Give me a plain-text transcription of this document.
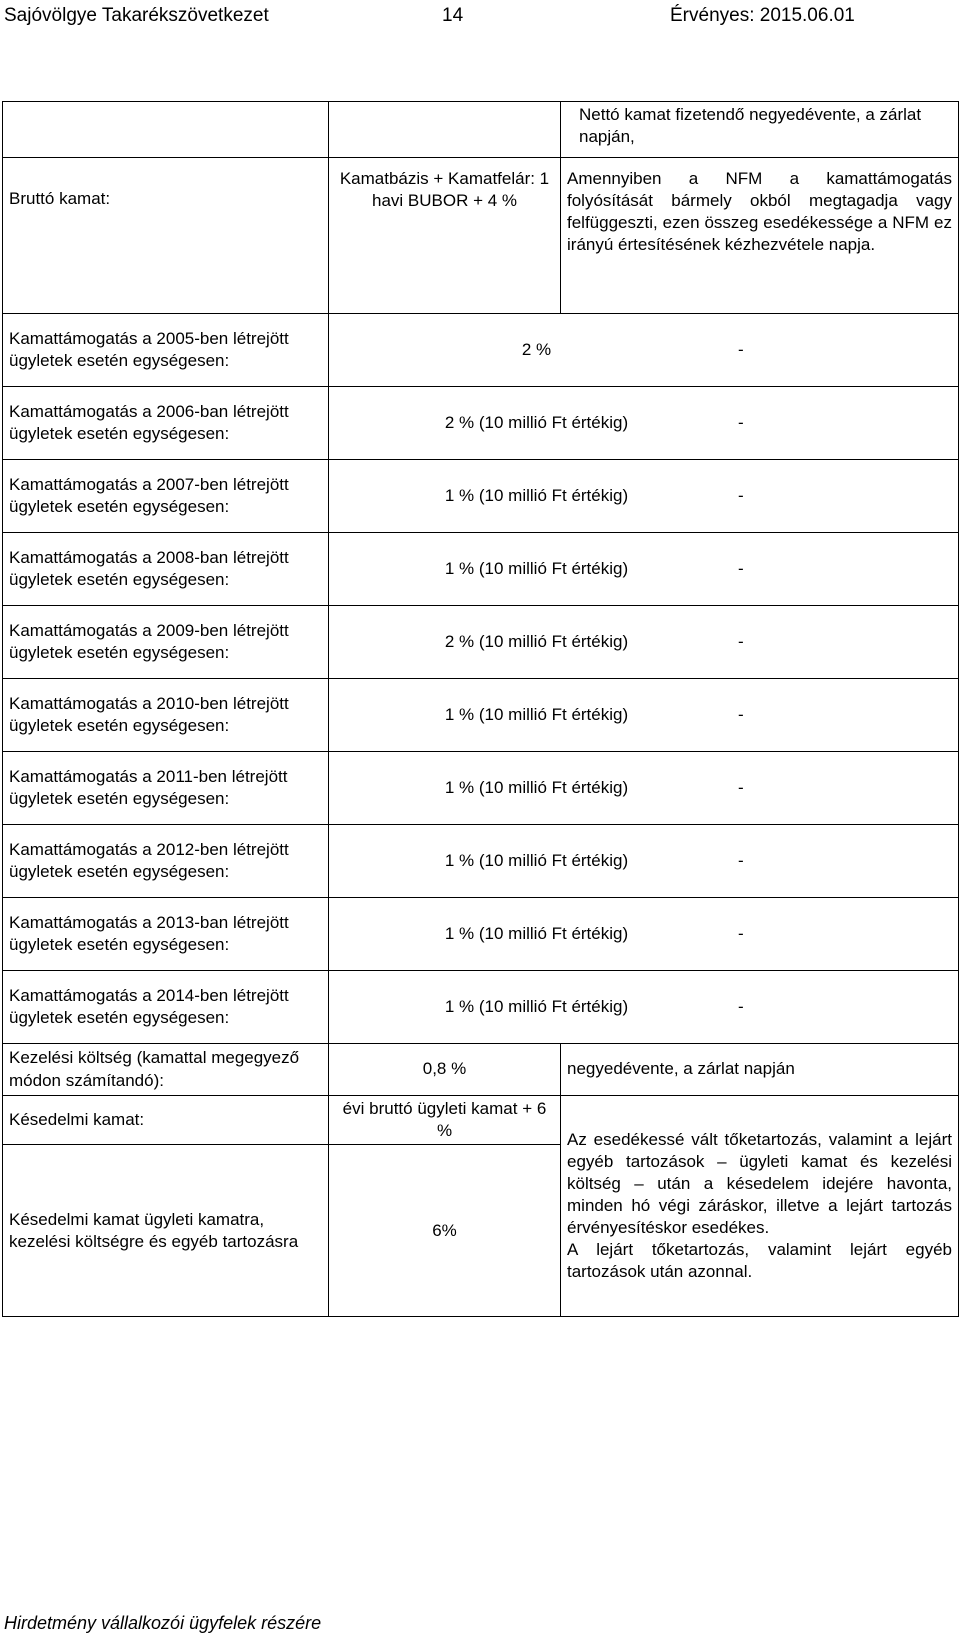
Sajóvölgye Takarékszövetkezet	14	Érvényes: 2015.06.01
		Nettó kamat fizetendő negyedévente, a zárlat napján,
Bruttó kamat:	Kamatbázis + Kamatfelár: 1 havi BUBOR + 4 %	Amennyiben a NFM a kamattámogatás folyósítását bármely okból megtagadja vagy felfüggeszti, ezen összeg esedékessége a NFM ez irányú értesítésének kézhezvétele napja.
Kamattámogatás a 2005-ben létrejött ügyletek esetén egységesen:	2 % -	
Kamattámogatás a 2006-ban létrejött ügyletek esetén egységesen:	2 % (10 millió Ft értékig) -	
Kamattámogatás a 2007-ben létrejött ügyletek esetén egységesen:	1 % (10 millió Ft értékig) -	
Kamattámogatás a 2008-ban létrejött ügyletek esetén egységesen:	1 % (10 millió Ft értékig) -	
Kamattámogatás a 2009-ben létrejött ügyletek esetén egységesen:	2 % (10 millió Ft értékig) -	
Kamattámogatás a 2010-ben létrejött ügyletek esetén egységesen:	1 % (10 millió Ft értékig) -	
Kamattámogatás a 2011-ben létrejött ügyletek esetén egységesen:	1 % (10 millió Ft értékig) -	
Kamattámogatás a 2012-ben létrejött ügyletek esetén egységesen:	1 % (10 millió Ft értékig) -	
Kamattámogatás a 2013-ban létrejött ügyletek esetén egységesen:	1 % (10 millió Ft értékig) -	
Kamattámogatás a 2014-ben létrejött ügyletek esetén egységesen:	1 % (10 millió Ft értékig) -	
Kezelési költség (kamattal megegyező módon számítandó):	0,8 %	negyedévente, a zárlat napján
Késedelmi kamat:	évi bruttó ügyleti kamat + 6 %	Az esedékessé vált tőketartozás, valamint a lejárt egyéb tartozások – ügyleti kamat és kezelési költség – után a késedelem idejére havonta, minden hó végi záráskor, illetve a lejárt tartozás érvényesítéskor esedékes.
A lejárt tőketartozás, valamint lejárt egyéb tartozások után azonnal.

Késedelmi kamat ügyleti kamatra, kezelési költségre és egyéb tartozásra	6%	
Hirdetmény vállalkozói ügyfelek részére
